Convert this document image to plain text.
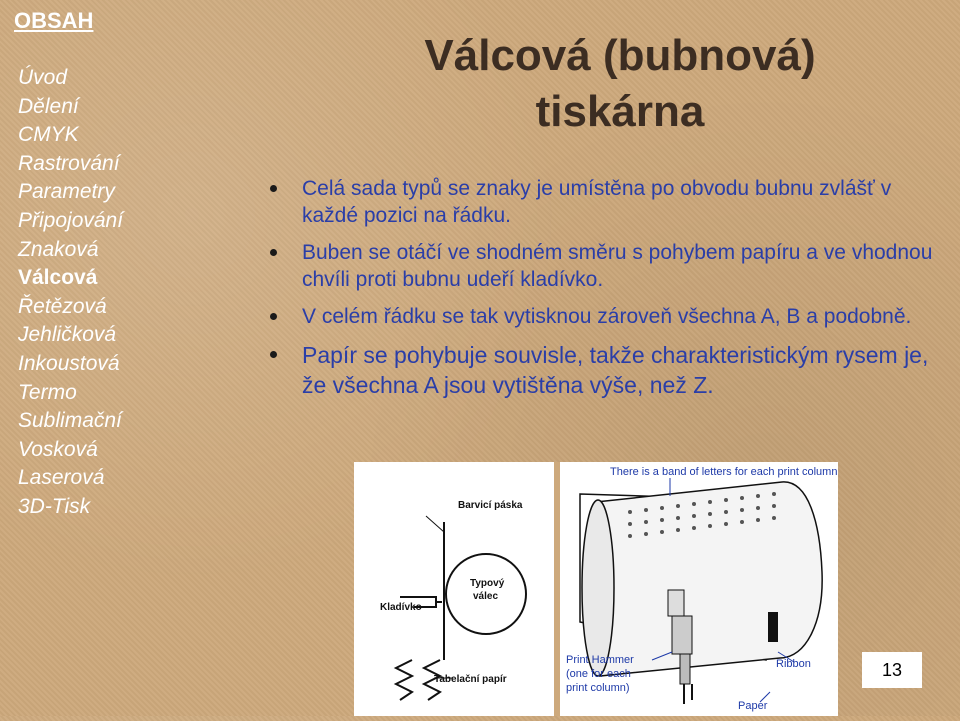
OBSAH
Úvod
Dělení
CMYK
Rastrování
Parametry
Připojování
Znaková
Válcová
Řetězová
Jehličková
Inkoustová
Termo
Sublimační
Vosková
Laserová
3D-Tisk
Válcová (bubnová)
tiskárna
Celá sada typů se znaky je umístěna po obvodu bubnu zvlášť v každé pozici na řádku.
Buben se otáčí ve shodném směru s pohybem papíru a ve vhodnou chvíli proti bubnu udeří kladívko.
V celém řádku se tak vytisknou zároveň všechna A, B a podobně.
Papír se pohybuje souvisle, takže charakteristickým rysem je, že všechna A jsou vytištěna výše, než Z.
Barvicí páska
Typový
válec
Kladívko
Tabelační papír
There is a band of letters for each print column
Print Hammer
(one for each
print column)
Ribbon
Paper
13
